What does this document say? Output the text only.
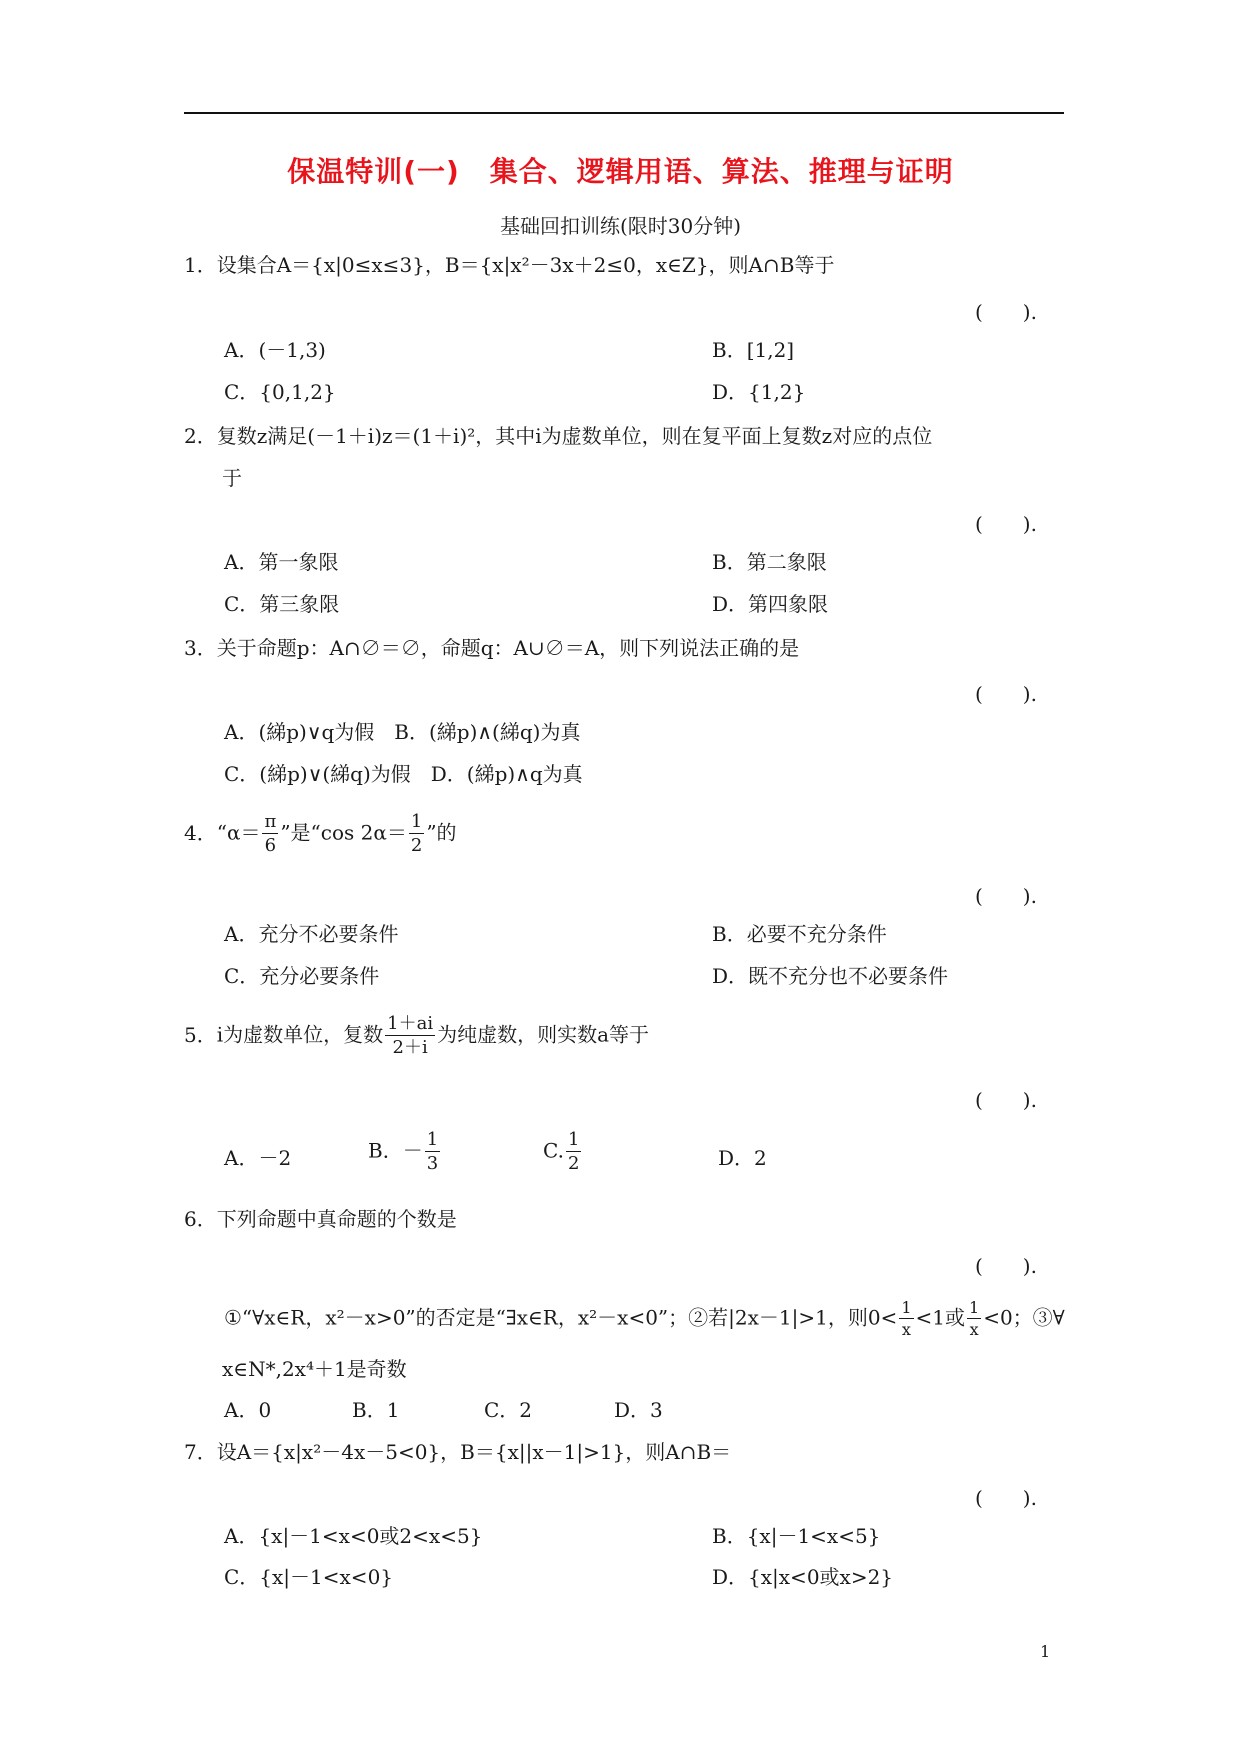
保温特训(一) 集合、逻辑用语、算法、推理与证明
基础回扣训练(限时30分钟)
1．设集合A＝{x|0≤x≤3}，B＝{x|x²－3x＋2≤0，x∈Z}，则A∩B等于
(　　).
A．(－1,3)	B．[1,2]
C．{0,1,2}	D．{1,2}
2．复数z满足(－1＋i)z＝(1＋i)²，其中i为虚数单位，则在复平面上复数z对应的点位
于
(　　).
A．第一象限	B．第二象限
C．第三象限	D．第四象限
3．关于命题p：A∩∅＝∅，命题q：A∪∅＝A，则下列说法正确的是
(　　).
A．(綈p)∨q为假　B．(綈p)∧(綈q)为真
C．(綈p)∨(綈q)为假　D．(綈p)∧q为真
4．“$\alpha= \frac{\pi}{6}$ ”是“cos $2\alpha= \frac{1}{2}$ ”的
(　　).
A．充分不必要条件	B．必要不充分条件
C．充分必要条件	D．既不充分也不必要条件
5．i为虚数单位，复数 $\frac{1+ai}{2+i}$ 为纯虚数，则实数a等于
(　　).
A．－2	B．－ $\frac{1}{3}$	C. $\frac{1}{2}$	D．2
6．下列命题中真命题的个数是
(　　).
①“∀x∈R，x²－x>0”的否定是“∃x∈R，x²－x<0”；②若|2x－1|>1，则$0< \frac{1}{x} <1$或 $\frac{1}{x} <0$；③∀
x∈N*,2x⁴＋1是奇数
A．0	B．1	C．2	D．3
7．设A＝{x|x²－4x－5<0}，B＝{x||x－1|>1}，则A∩B＝
(　　).
A．{x|－1<x<0或2<x<5}	B．{x|－1<x<5}
C．{x|－1<x<0}	D．{x|x<0或x>2}
1
